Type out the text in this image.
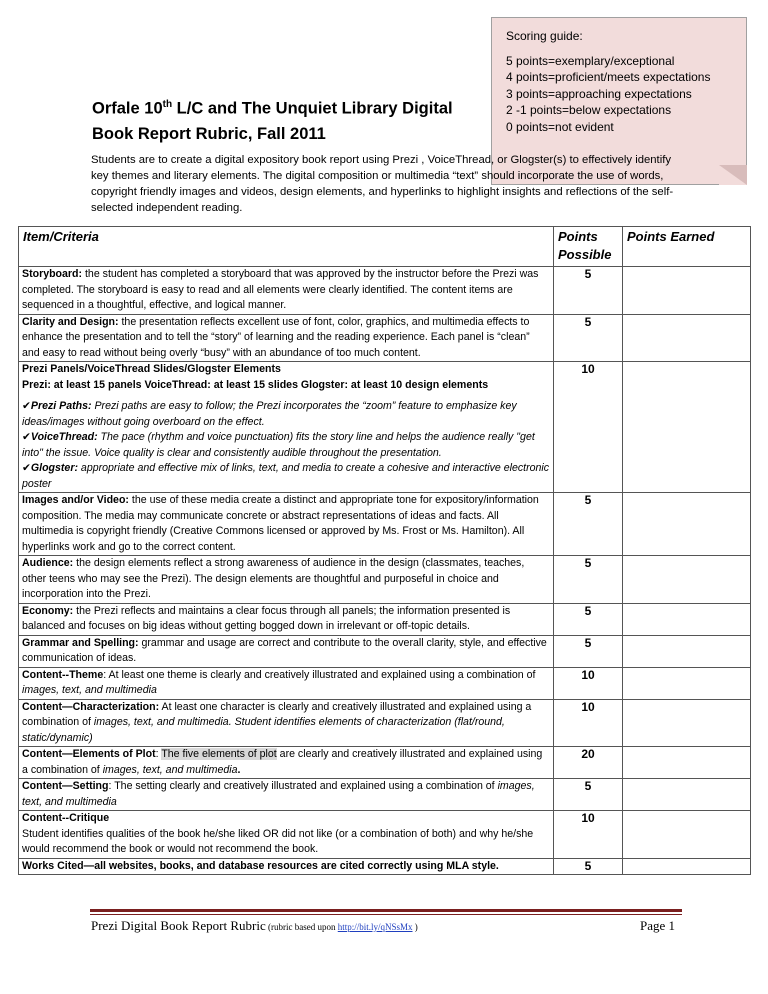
Scoring guide:
5 points=exemplary/exceptional
4 points=proficient/meets expectations
3 points=approaching expectations
2 -1 points=below expectations
0 points=not evident
Orfale 10th L/C and The Unquiet Library Digital
Book Report Rubric, Fall 2011
Students are to create a digital expository book report using Prezi , VoiceThread, or Glogster(s) to effectively identify key themes and literary elements. The digital composition or multimedia “text” should incorporate the use of words, copyright friendly images and videos, design elements, and hyperlinks to highlight insights and reflections of the self-selected independent reading.
Item/Criteria	Points Possible	Points Earned
Storyboard: the student has completed a storyboard that was approved by the instructor before the Prezi was completed. The storyboard is easy to read and all elements were clearly identified. The content items are sequenced in a thoughtful, effective, and logical manner.	5	
Clarity and Design: the presentation reflects excellent use of font, color, graphics, and multimedia effects to enhance the presentation and to tell the “story” of learning and the reading experience. Each panel is “clean” and easy to read without being overly “busy” with an abundance of too much content.	5	

Prezi Panels/VoiceThread Slides/Glogster Elements
Prezi: at least 15 panels VoiceThread: at least 15 slides Glogster: at least 10 design elements
✔Prezi Paths: Prezi paths are easy to follow; the Prezi incorporates the “zoom” feature to emphasize key ideas/images without going overboard on the effect.
✔VoiceThread: The pace (rhythm and voice punctuation) fits the story line and helps the audience really "get into" the issue. Voice quality is clear and consistently audible throughout the presentation.
✔Glogster: appropriate and effective mix of links, text, and media to create a cohesive and interactive electronic poster	10	
Images and/or Video: the use of these media create a distinct and appropriate tone for expository/information composition. The media may communicate concrete or abstract representations of ideas and facts. All multimedia is copyright friendly (Creative Commons licensed or approved by Ms. Frost or Ms. Hamilton). All hyperlinks work and go to the correct content.	5	
Audience: the design elements reflect a strong awareness of audience in the design (classmates, teaches, other teens who may see the Prezi). The design elements are thoughtful and purposeful in choice and incorporation into the Prezi.	5	
Economy: the Prezi reflects and maintains a clear focus through all panels; the information presented is balanced and focuses on big ideas without getting bogged down in irrelevant or off-topic details.	5	
Grammar and Spelling: grammar and usage are correct and contribute to the overall clarity, style, and effective communication of ideas.	5	
Content--Theme: At least one theme is clearly and creatively illustrated and explained using a combination of images, text, and multimedia	10	
Content—Characterization: At least one character is clearly and creatively illustrated and explained using a combination of images, text, and multimedia. Student identifies elements of characterization (flat/round, static/dynamic)	10	
Content—Elements of Plot: The five elements of plot are clearly and creatively illustrated and explained using a combination of images, text, and multimedia.	20	
Content—Setting: The setting clearly and creatively illustrated and explained using a combination of images, text, and multimedia	5	

Content--Critique
Student identifies qualities of the book he/she liked OR did not like (or a combination of both) and why he/she would recommend the book or would not recommend the book.	10	
Works Cited—all websites, books, and database resources are cited correctly using MLA style.	5	
Prezi Digital Book Report Rubric (rubric based upon http://bit.ly/qNSsMx )	Page 1
